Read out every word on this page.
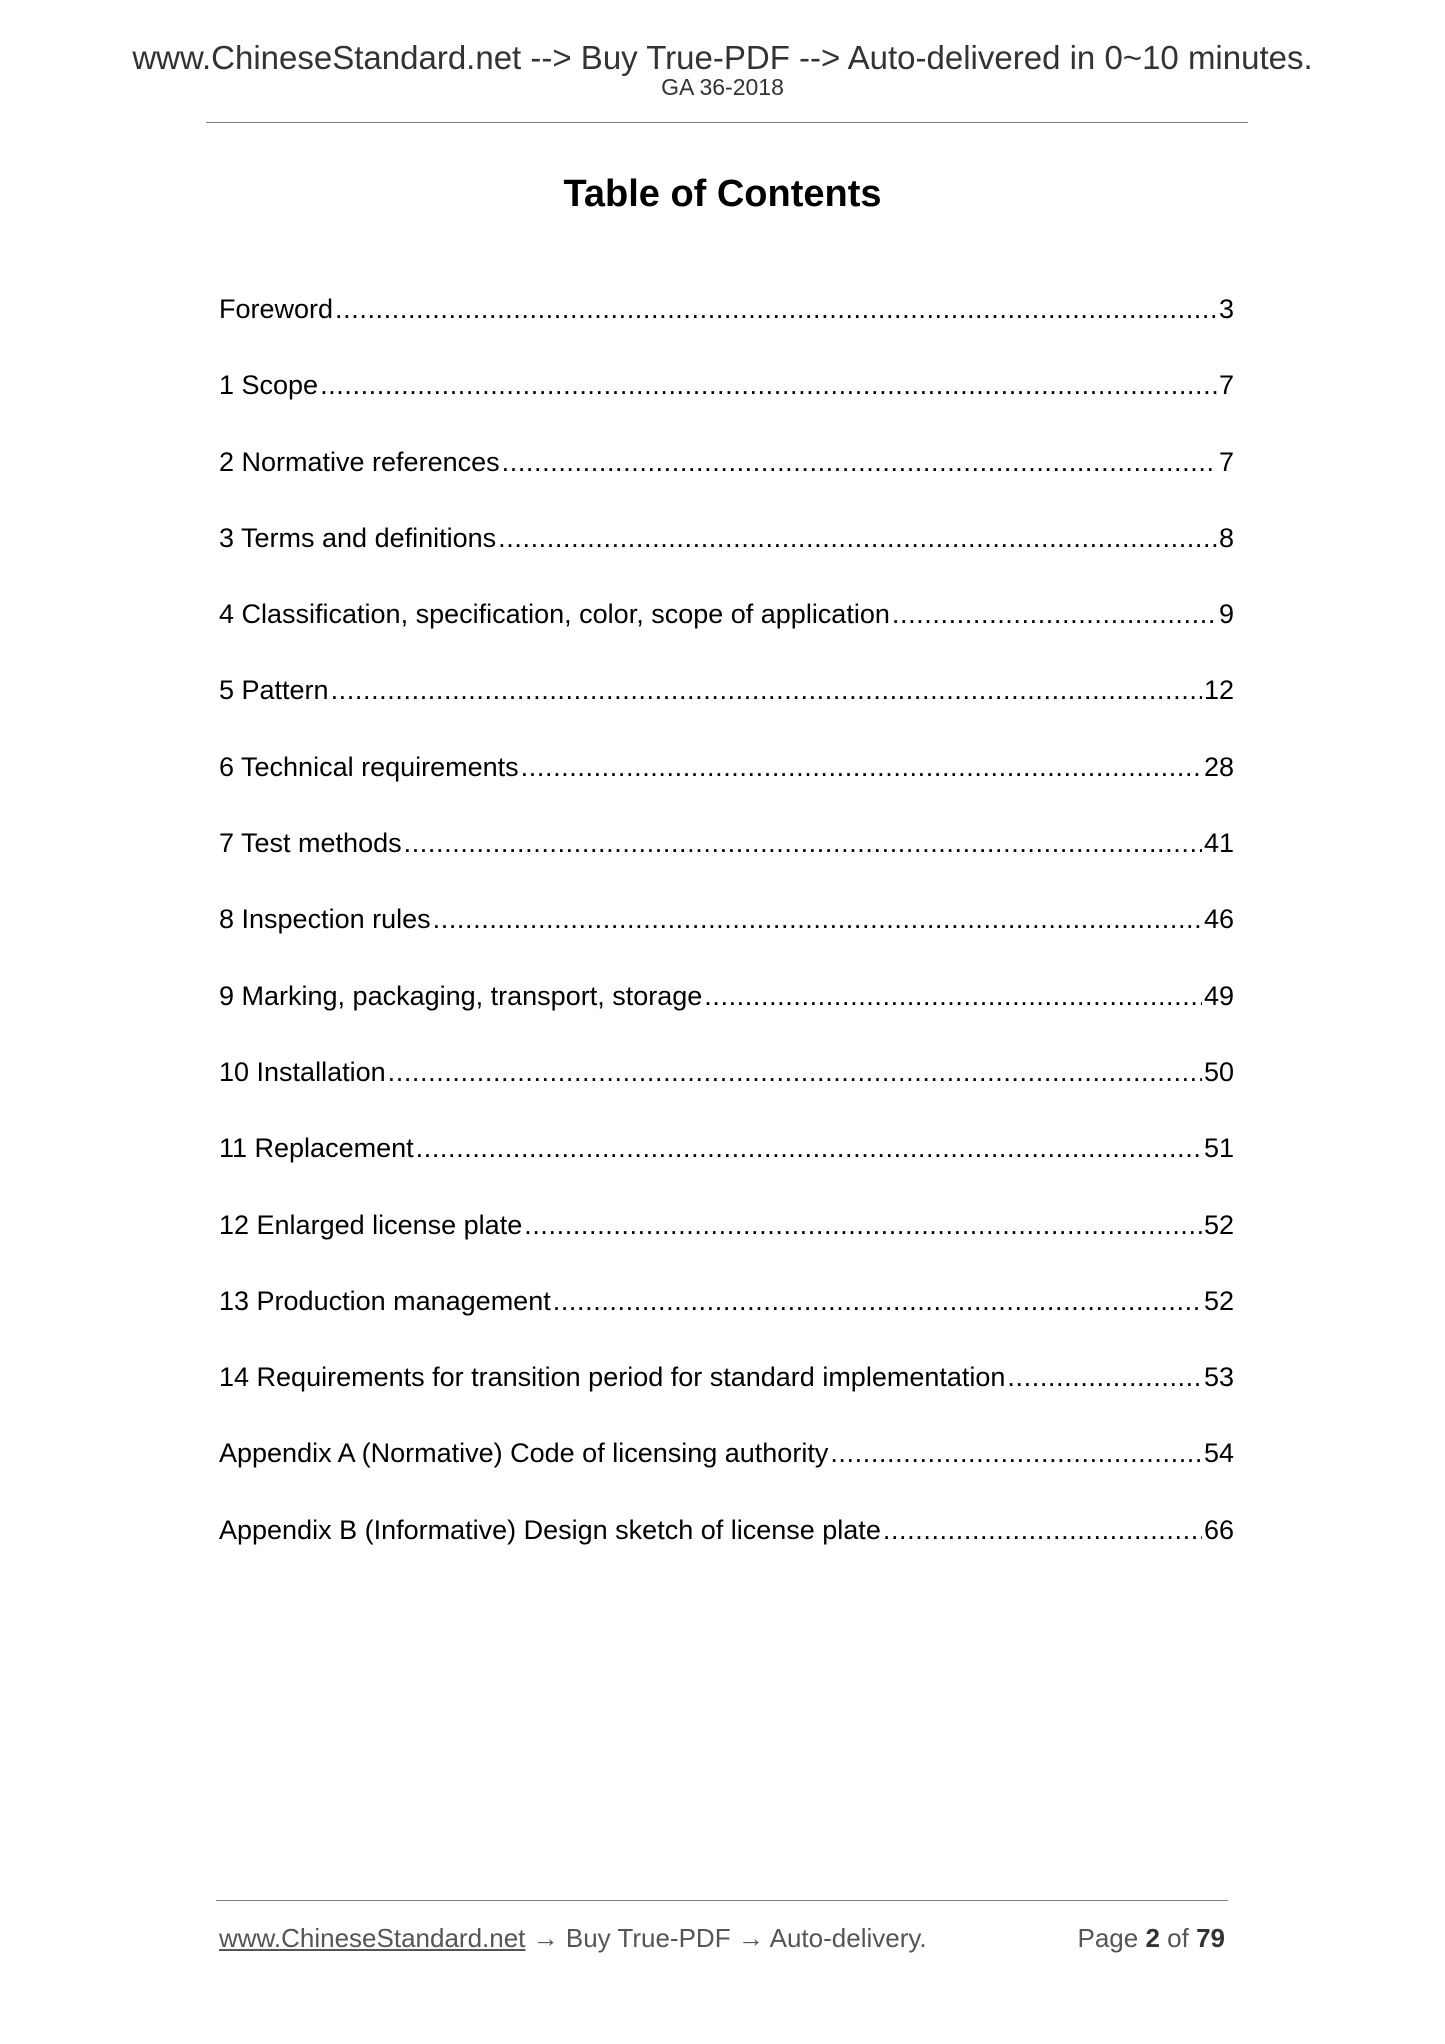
www.ChineseStandard.net --> Buy True-PDF --> Auto-delivered in 0~10 minutes.
GA 36-2018
Table of Contents
Foreword .....	3
1 Scope .....	7
2 Normative references .....	7
3 Terms and definitions .....	8
4 Classification, specification, color, scope of application .....	9
5 Pattern .....	12
6 Technical requirements .....	28
7 Test methods .....	41
8 Inspection rules .....	46
9 Marking, packaging, transport, storage .....	49
10 Installation .....	50
11 Replacement .....	51
12 Enlarged license plate .....	52
13 Production management .....	52
14 Requirements for transition period for standard implementation .....	53
Appendix A (Normative) Code of licensing authority .....	54
Appendix B (Informative) Design sketch of license plate .....	66
www.ChineseStandard.net → Buy True-PDF → Auto-delivery.	Page 2 of 79
